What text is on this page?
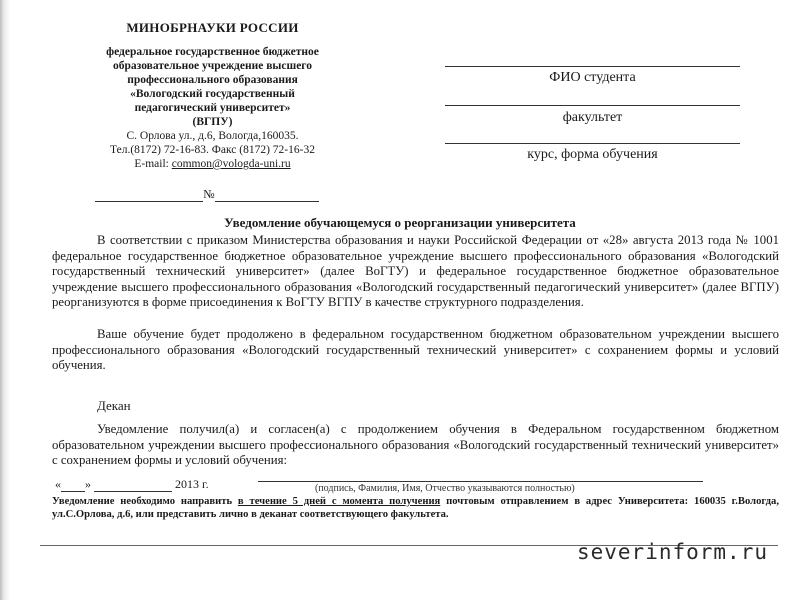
МИНОБРНАУКИ РОССИИ
федеральное государственное бюджетное
образовательное учреждение высшего
профессионального образования
«Вологодский государственный
педагогический университет»
(ВГПУ)
С. Орлова ул., д.6, Вологда,160035.
Тел.(8172) 72-16-83. Факс (8172) 72-16-32
E-mail: common@vologda-uni.ru
№
ФИО студента
факультет
курс, форма обучения
Уведомление обучающемуся о реорганизации университета
В соответствии с приказом Министерства образования и науки Российской Федерации от «28» августа 2013 года № 1001 федеральное государственное бюджетное образовательное учреждение высшего профессионального образования «Вологодский государственный технический университет» (далее ВоГТУ) и федеральное государственное бюджетное образовательное учреждение высшего профессионального образования «Вологодский государственный педагогический университет» (далее ВГПУ) реорганизуются в форме присоединения к ВоГТУ ВГПУ в качестве структурного подразделения.
Ваше обучение будет продолжено в федеральном государственном бюджетном образовательном учреждении высшего профессионального образования «Вологодский государственный технический университет» с сохранением формы и условий обучения.
Декан
Уведомление получил(а) и согласен(а) с продолжением обучения в Федеральном государственном бюджетном образовательном учреждении высшего профессионального образования «Вологодский государственный технический университет» с сохранением формы и условий обучения:
« »	2013 г.	(подпись, Фамилия, Имя, Отчество указываются полностью)
Уведомление необходимо направить в течение 5 дней с момента получения почтовым отправлением в адрес Университета: 160035 г.Вологда, ул.С.Орлова, д.6, или представить лично в деканат соответствующего факультета.
severinform.ru
